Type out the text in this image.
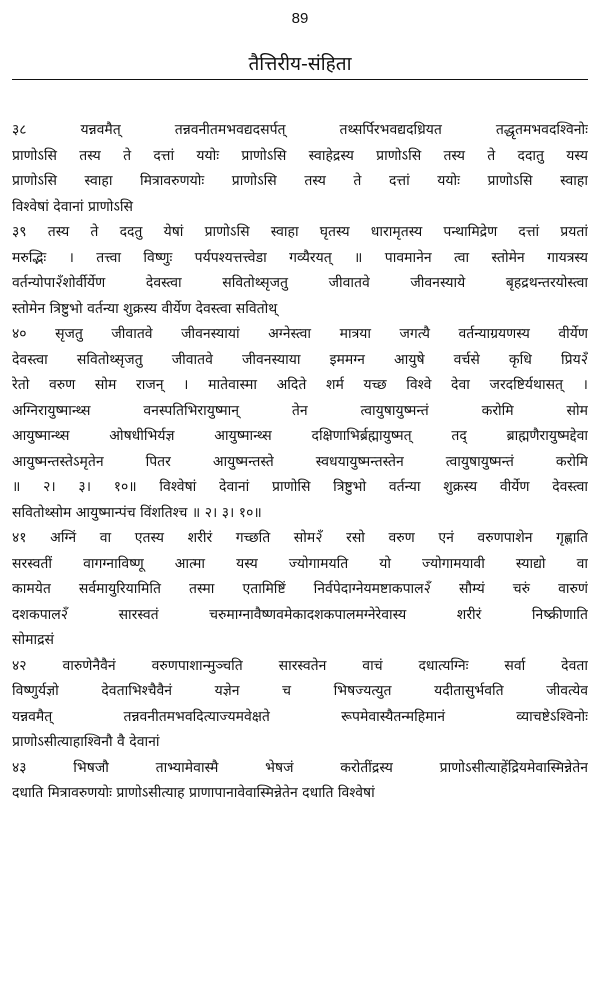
89
तैत्तिरीय-संहिता
३८ यन्नवमैत् तन्नवनीतमभवद्यदसर्पत् तथ्सर्पिरभवद्यदध्रियत तद्धृतमभवदश्विनोः
प्राणोऽसि तस्य ते दत्तां ययोः प्राणोऽसि स्वाहेद्रस्य प्राणोऽसि तस्य ते ददातु यस्य
प्राणोऽसि स्वाहा मित्रावरुणयोः प्राणोऽसि तस्य ते दत्तां ययोः प्राणोऽसि स्वाहा
विश्वेषां देवानां प्राणोऽसि
३९ तस्य ते ददतु येषां प्राणोऽसि स्वाहा घृतस्य धारामृतस्य पन्थामिद्रेण दत्तां प्रयतां
मरुद्भिः । तत्त्वा विष्णुः पर्यपश्यत्तत्त्वेडा गव्यैरयत् ॥ पावमानेन त्वा स्तोमेन गायत्रस्य
वर्तन्योपा२ँशोर्वीर्येण देवस्त्वा सवितोथ्सृजतु जीवातवे जीवनस्याये बृहद्रथन्तरयोस्त्वा
स्तोमेन त्रिष्टुभो वर्तन्या शुक्रस्य वीर्येण देवस्त्वा सवितोथ्
४० सृजतु जीवातवे जीवनस्यायां अग्नेस्त्वा मात्रया जगत्यै वर्तन्याग्रयणस्य वीर्येण
देवस्त्वा सवितोथ्सृजतु जीवातवे जीवनस्याया इममग्न आयुषे वर्चसे कृधि प्रिय२ँ
रेतो वरुण सोम राजन् । मातेवास्मा अदिते शर्म यच्छ विश्वे देवा जरदष्टिर्यथासत् ।
अग्निरायुष्मान्थ्स वनस्पतिभिरायुष्मान् तेन त्वायुषायुष्मन्तं करोमि सोम
आयुष्मान्थ्स ओषधीभिर्यज्ञ आयुष्मान्थ्स दक्षिणाभिर्ब्रह्मायुष्मत् तद् ब्राह्मणैरायुष्मद्देवा
आयुष्मन्तस्तेऽमृतेन पितर आयुष्मन्तस्ते स्वधयायुष्मन्तस्तेन त्वायुषायुष्मन्तं करोमि
॥ २। ३। १०॥ विश्वेषां देवानां प्राणोसि त्रिष्टुभो वर्तन्या शुक्रस्य वीर्येण देवस्त्वा
सवितोथ्सोम आयुष्मान्पंच विंशतिश्च ॥ २। ३। १०॥
४१ अग्निं वा एतस्य शरीरं गच्छति सोम२ँ रसो वरुण एनं वरुणपाशेन गृह्णाति
सरस्वतीं वागग्नाविष्णू आत्मा यस्य ज्योगामयति यो ज्योगामयावी स्याद्यो वा
कामयेत सर्वमायुरियामिति तस्मा एतामिष्टिं निर्वपेदाग्नेयमष्टाकपाल२ँ सौम्यं चरुं वारुणं
दशकपाल२ँ सारस्वतं चरुमाग्नावैष्णवमेकादशकपालमग्नेरेवास्य शरीरं निष्क्रीणाति
सोमाद्रसं
४२ वारुणेनैवैनं वरुणपाशान्मुञ्चति सारस्वतेन वाचं दधात्यग्निः सर्वा देवता
विष्णुर्यज्ञो देवताभिश्चैवैनं यज्ञेन च भिषज्यत्युत यदीतासुर्भवति जीवत्येव
यन्नवमैत् तन्नवनीतमभवदित्याज्यमवेक्षते रूपमेवास्यैतन्महिमानं व्याचष्टेऽश्विनोः
प्राणोऽसीत्याहाश्विनौ वै देवानां
४३ भिषजौ ताभ्यामेवास्मै भेषजं करोतींद्रस्य प्राणोऽसीत्याहेंद्रियमेवास्मिन्नेतेन
दधाति मित्रावरुणयोः प्राणोऽसीत्याह प्राणापानावेवास्मिन्नेतेन दधाति विश्वेषां
